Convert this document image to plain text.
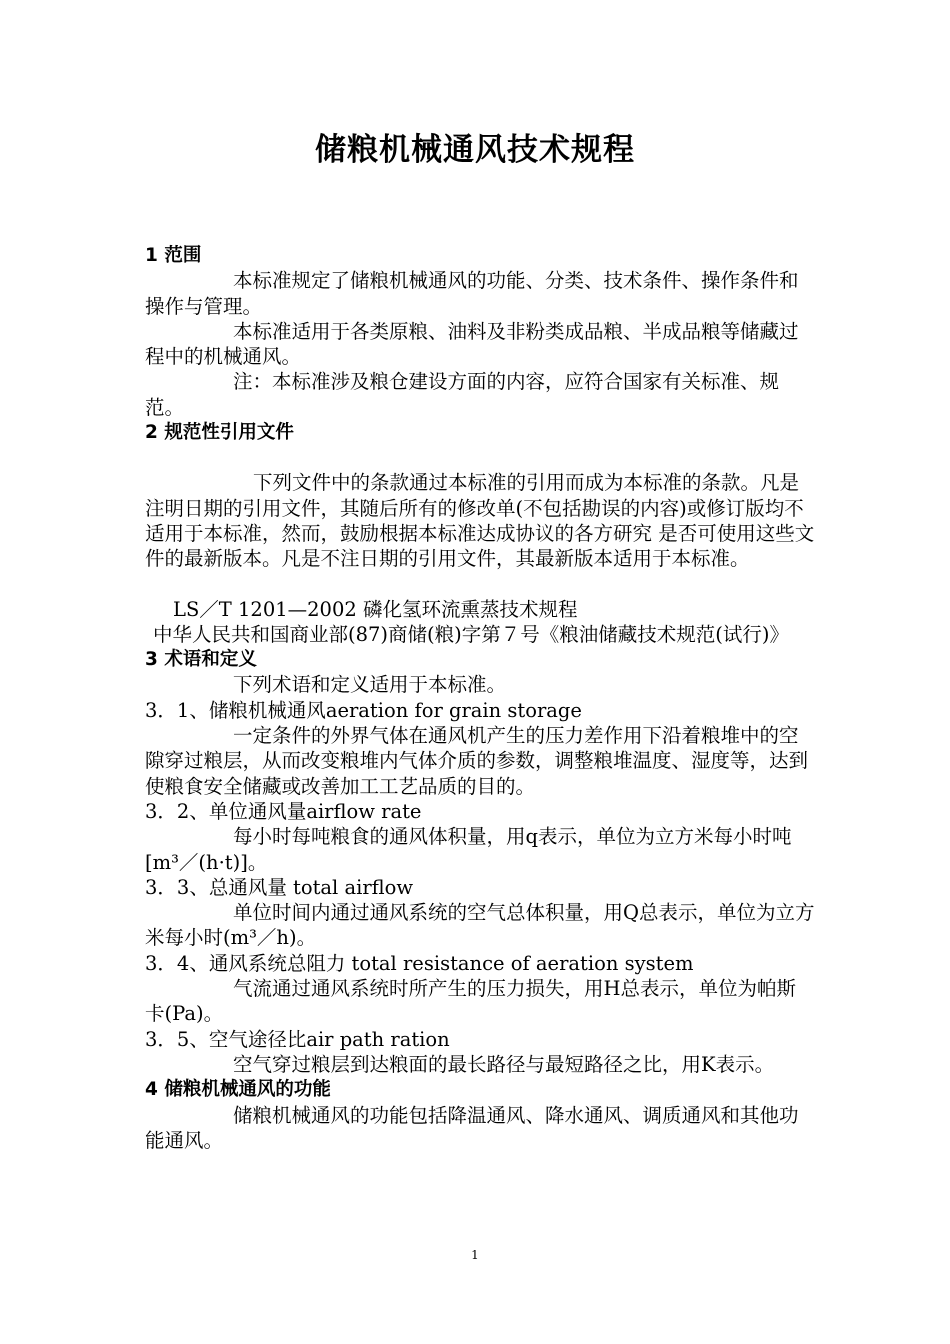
储粮机械通风技术规程

1 范围

本标准规定了储粮机械通风的功能、分类、技术条件、操作条件和操作与管理。

本标准适用于各类原粮、油料及非粉类成品粮、半成品粮等储藏过程中的机械通风。

注：本标准涉及粮仓建设方面的内容，应符合国家有关标准、规范。

2 规范性引用文件

下列文件中的条款通过本标准的引用而成为本标准的条款。凡是注明日期的引用文件，其随后所有的修改单(不包括勘误的内容)或修订版均不适用于本标准，然而，鼓励根据本标准达成协议的各方研究 是否可使用这些文件的最新版本。凡是不注日期的引用文件，其最新版本适用于本标准。

LS／T 1201—2002 磷化氢环流熏蒸技术规程

中华人民共和国商业部(87)商储(粮)字第７号《粮油储藏技术规范(试行)》

3 术语和定义

下列术语和定义适用于本标准。

3．1、储粮机械通风aeration for grain storage

一定条件的外界气体在通风机产生的压力差作用下沿着粮堆中的空隙穿过粮层，从而改变粮堆内气体介质的参数，调整粮堆温度、湿度等，达到使粮食安全储藏或改善加工工艺品质的目的。

3．2、单位通风量airflow rate

每小时每吨粮食的通风体积量，用q表示，单位为立方米每小时吨[m³／(h·t)]。

3．3、总通风量 total airflow

单位时间内通过通风系统的空气总体积量，用Q总表示，单位为立方米每小时(m³／h)。

3．4、通风系统总阻力 total resistance of aeration system

气流通过通风系统时所产生的压力损失，用H总表示，单位为帕斯卡(Pa)。

3．5、空气途径比air path ration

空气穿过粮层到达粮面的最长路径与最短路径之比，用K表示。

4 储粮机械通风的功能

储粮机械通风的功能包括降温通风、降水通风、调质通风和其他功能通风。

1
